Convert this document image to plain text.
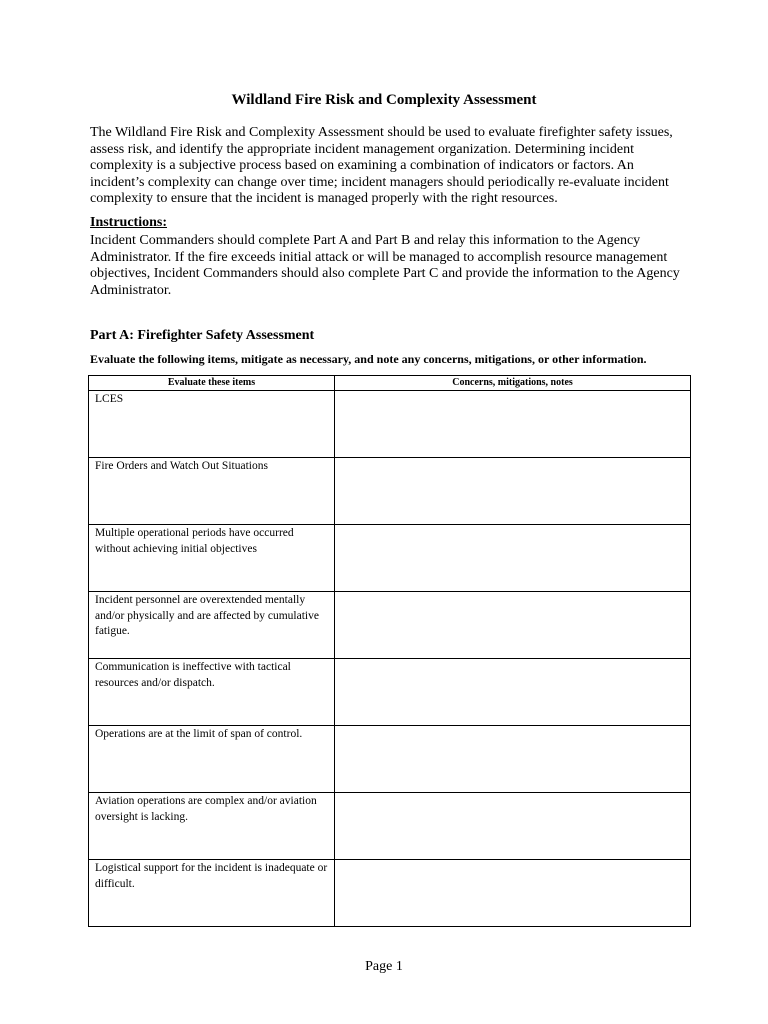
Wildland Fire Risk and Complexity Assessment
The Wildland Fire Risk and Complexity Assessment should be used to evaluate firefighter safety issues, assess risk, and identify the appropriate incident management organization. Determining incident complexity is a subjective process based on examining a combination of indicators or factors. An incident’s complexity can change over time; incident managers should periodically re-evaluate incident complexity to ensure that the incident is managed properly with the right resources.
Instructions:
Incident Commanders should complete Part A and Part B and relay this information to the Agency Administrator. If the fire exceeds initial attack or will be managed to accomplish resource management objectives, Incident Commanders should also complete Part C and provide the information to the Agency Administrator.
Part A: Firefighter Safety Assessment
Evaluate the following items, mitigate as necessary, and note any concerns, mitigations, or other information.
Evaluate these items	Concerns, mitigations, notes
LCES	
Fire Orders and Watch Out Situations	
Multiple operational periods have occurred without achieving initial objectives	
Incident personnel are overextended mentally and/or physically and are affected by cumulative fatigue.	
Communication is ineffective with tactical resources and/or dispatch.	
Operations are at the limit of span of control.	
Aviation operations are complex and/or aviation oversight is lacking.	
Logistical support for the incident is inadequate or difficult.	
Page 1
